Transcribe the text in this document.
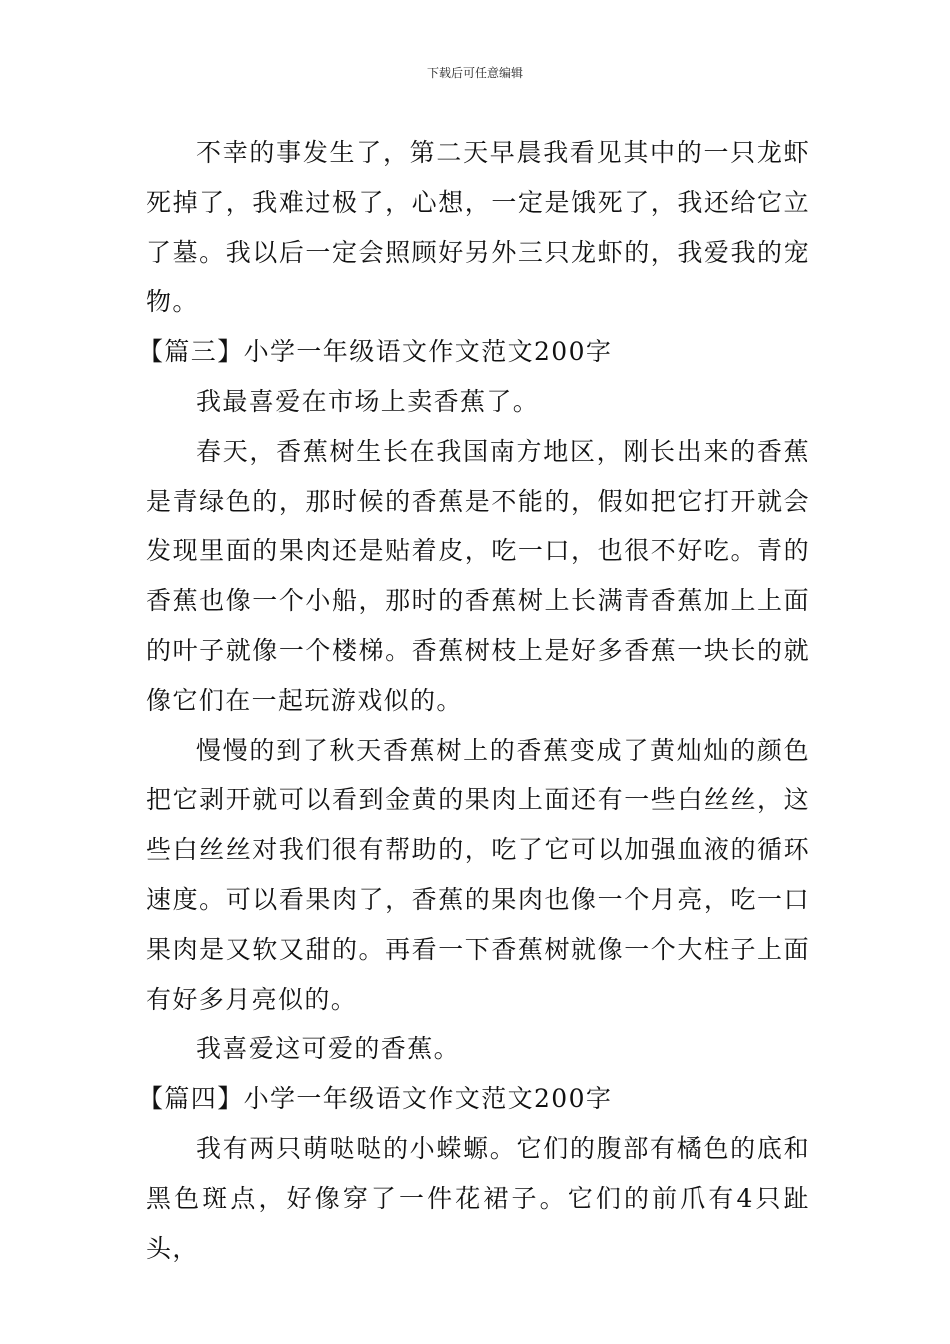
下载后可任意编辑

不幸的事发生了，第二天早晨我看见其中的一只龙虾死掉了，我难过极了，心想，一定是饿死了，我还给它立了墓。我以后一定会照顾好另外三只龙虾的，我爱我的宠物。

【篇三】小学一年级语文作文范文200字

我最喜爱在市场上卖香蕉了。

春天，香蕉树生长在我国南方地区，刚长出来的香蕉是青绿色的，那时候的香蕉是不能的，假如把它打开就会发现里面的果肉还是贴着皮，吃一口，也很不好吃。青的香蕉也像一个小船，那时的香蕉树上长满青香蕉加上上面的叶子就像一个楼梯。香蕉树枝上是好多香蕉一块长的就像它们在一起玩游戏似的。

慢慢的到了秋天香蕉树上的香蕉变成了黄灿灿的颜色把它剥开就可以看到金黄的果肉上面还有一些白丝丝，这些白丝丝对我们很有帮助的，吃了它可以加强血液的循环速度。可以看果肉了，香蕉的果肉也像一个月亮，吃一口果肉是又软又甜的。再看一下香蕉树就像一个大柱子上面有好多月亮似的。

我喜爱这可爱的香蕉。

【篇四】小学一年级语文作文范文200字

我有两只萌哒哒的小蝾螈。它们的腹部有橘色的底和黑色斑点，好像穿了一件花裙子。它们的前爪有4只趾头，
